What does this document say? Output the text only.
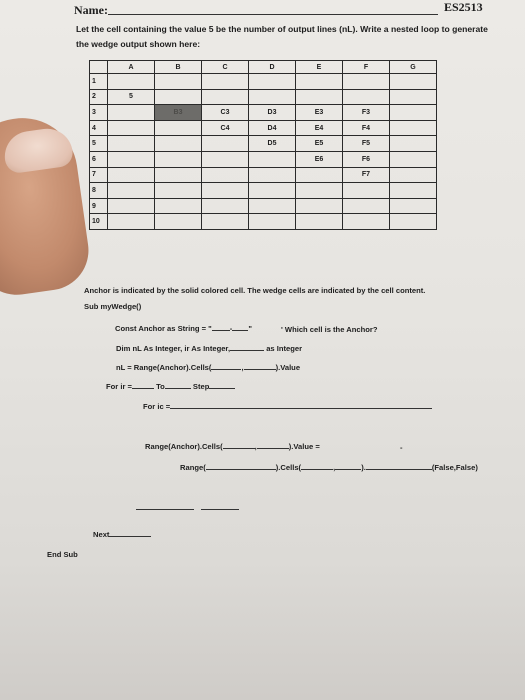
Name:	ES2513
Let the cell containing the value 5 be the number of output lines (nL). Write a nested loop to generate the wedge output shown here:
	A	B	C	D	E	F	G
1							
2	5						
3		B3	C3	D3	E3	F3	
4			C4	D4	E4	F4	
5				D5	E5	F5	
6					E6	F6	
7						F7	
8							
9							
10							
Anchor is indicated by the solid colored cell. The wedge cells are indicated by the cell content.
Sub myWedge()
Const Anchor as String = " - "	' Which cell is the Anchor?
Dim nL As Integer, ir As Integer,	as Integer
nL = Range(Anchor).Cells(	,	).Value
For ir =	To	Step
For ic =
Range(Anchor).Cells(	,	).Value =	-
Range(	).Cells(	,	).	(False,False)
Next
End Sub
